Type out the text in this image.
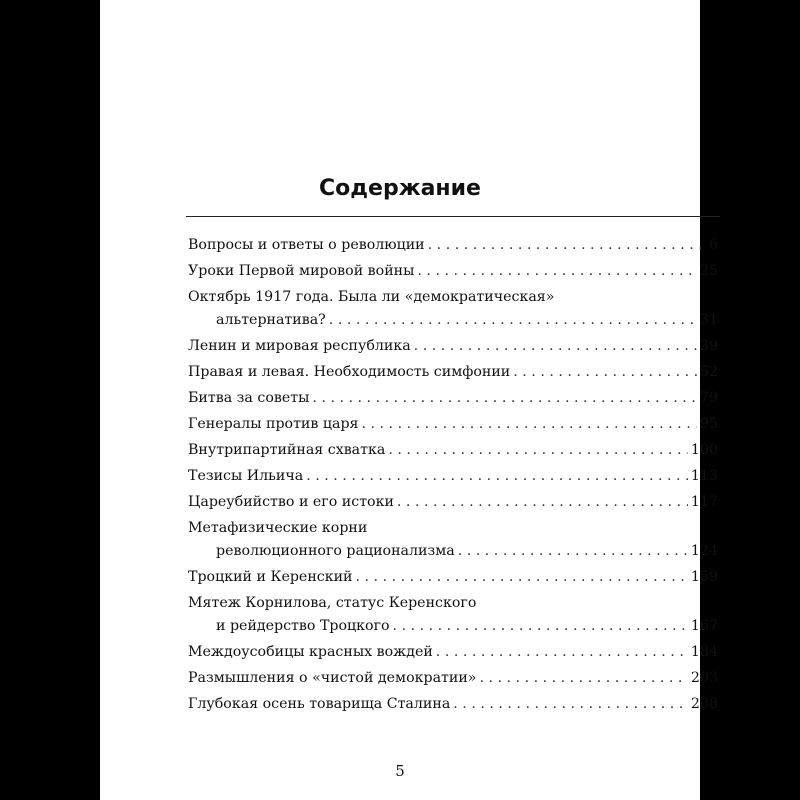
Содержание
Вопросы и ответы о революции . . .	6
Уроки Первой мировой войны . . .	25
Октябрь 1917 года. Была ли «демократическая»
альтернатива? . . .	31
Ленин и мировая республика . . .	39
Правая и левая. Необходимость симфонии . . .	52
Битва за советы . . .	79
Генералы против царя . . .	95
Внутрипартийная схватка . . .	100
Тезисы Ильича . . .	113
Цареубийство и его истоки . . .	117
Метафизические корни
революционного рационализма . . .	124
Троцкий и Керенский . . .	159
Мятеж Корнилова, статус Керенского
и рейдерство Троцкого . . .	167
Междоусобицы красных вождей . . .	184
Размышления о «чистой демократии» . . .	203
Глубокая осень товарища Сталина . . .	208
5
